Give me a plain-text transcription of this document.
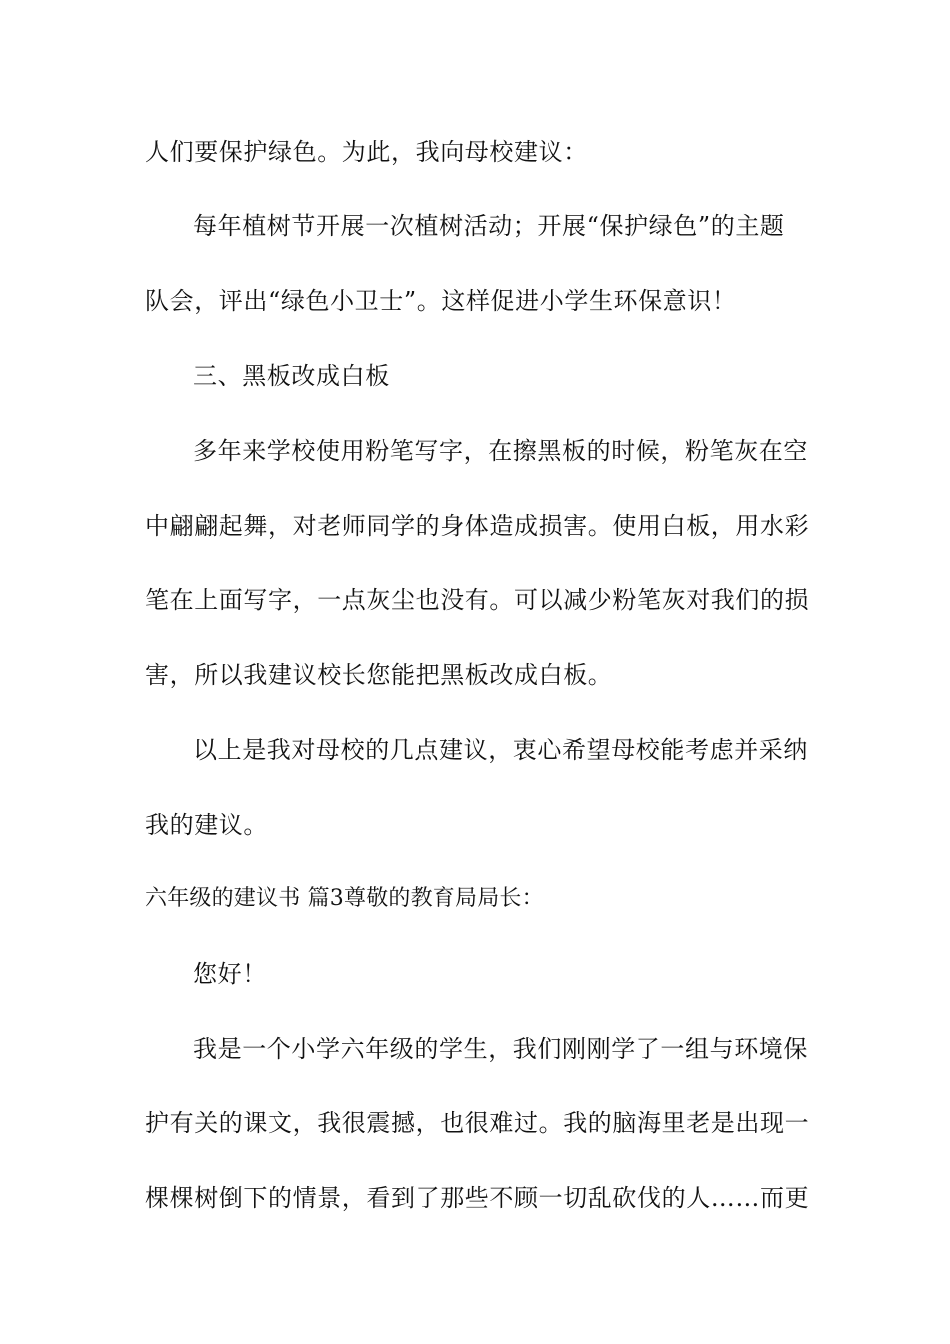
人们要保护绿色。为此，我向母校建议：
每年植树节开展一次植树活动；开展“保护绿色”的主题
队会，评出“绿色小卫士”。这样促进小学生环保意识！
三、黑板改成白板
多年来学校使用粉笔写字，在擦黑板的时候，粉笔灰在空
中翩翩起舞，对老师同学的身体造成损害。使用白板，用水彩
笔在上面写字，一点灰尘也没有。可以减少粉笔灰对我们的损
害，所以我建议校长您能把黑板改成白板。
以上是我对母校的几点建议，衷心希望母校能考虑并采纳
我的建议。
六年级的建议书 篇3尊敬的教育局局长：
您好！
我是一个小学六年级的学生，我们刚刚学了一组与环境保
护有关的课文，我很震撼，也很难过。我的脑海里老是出现一
棵棵树倒下的情景，看到了那些不顾一切乱砍伐的人……而更
